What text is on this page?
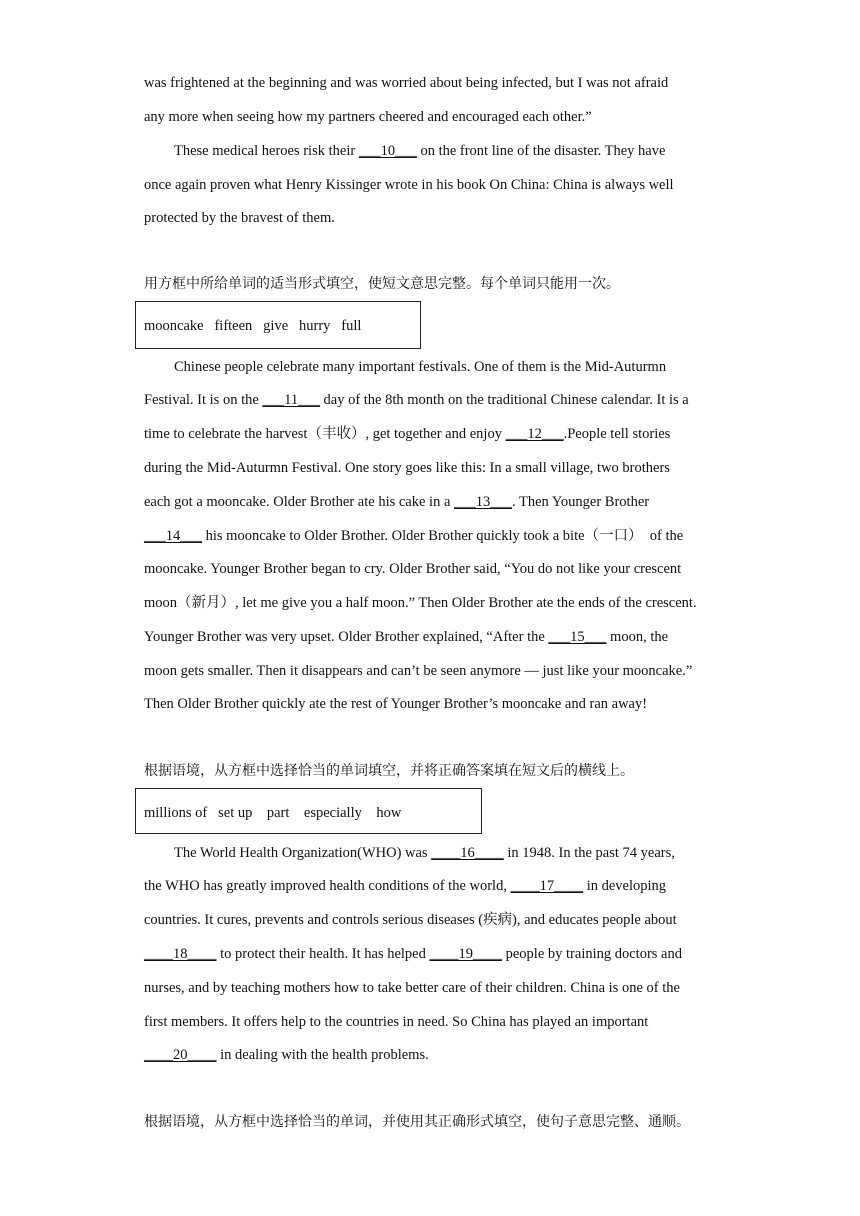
was frightened at the beginning and was worried about being infected, but I was not afraid
any more when seeing how my partners cheered and encouraged each other.”
These medical heroes risk their ___10___ on the front line of the disaster. They have
once again proven what Henry Kissinger wrote in his book On China: China is always well
protected by the bravest of them.
用方框中所给单词的适当形式填空，使短文意思完整。每个单词只能用一次。
mooncake   fifteen   give   hurry   full
Chinese people celebrate many important festivals. One of them is the Mid-Auturmn
Festival. It is on the ___11___ day of the 8th month on the traditional Chinese calendar. It is a
time to celebrate the harvest（丰收）, get together and enjoy ___12___.People tell stories
during the Mid-Auturmn Festival. One story goes like this: In a small village, two brothers
each got a mooncake. Older Brother ate his cake in a ___13___. Then Younger Brother
___14___ his mooncake to Older Brother. Older Brother quickly took a bite（一口）  of the
mooncake. Younger Brother began to cry. Older Brother said, “You do not like your crescent
moon（新月）, let me give you a half moon.” Then Older Brother ate the ends of the crescent.
Younger Brother was very upset. Older Brother explained, “After the ___15___ moon, the
moon gets smaller. Then it disappears and can’t be seen anymore — just like your mooncake.”
Then Older Brother quickly ate the rest of Younger Brother’s mooncake and ran away!
根据语境，从方框中选择恰当的单词填空，并将正确答案填在短文后的横线上。
millions of   set up    part    especially    how
The World Health Organization(WHO) was ____16____ in 1948. In the past 74 years,
the WHO has greatly improved health conditions of the world, ____17____ in developing
countries. It cures, prevents and controls serious diseases (疾病), and educates people about
____18____ to protect their health. It has helped ____19____ people by training doctors and
nurses, and by teaching mothers how to take better care of their children. China is one of the
first members. It offers help to the countries in need. So China has played an important
____20____ in dealing with the health problems.
根据语境，从方框中选择恰当的单词，并使用其正确形式填空，使句子意思完整、通顺。
